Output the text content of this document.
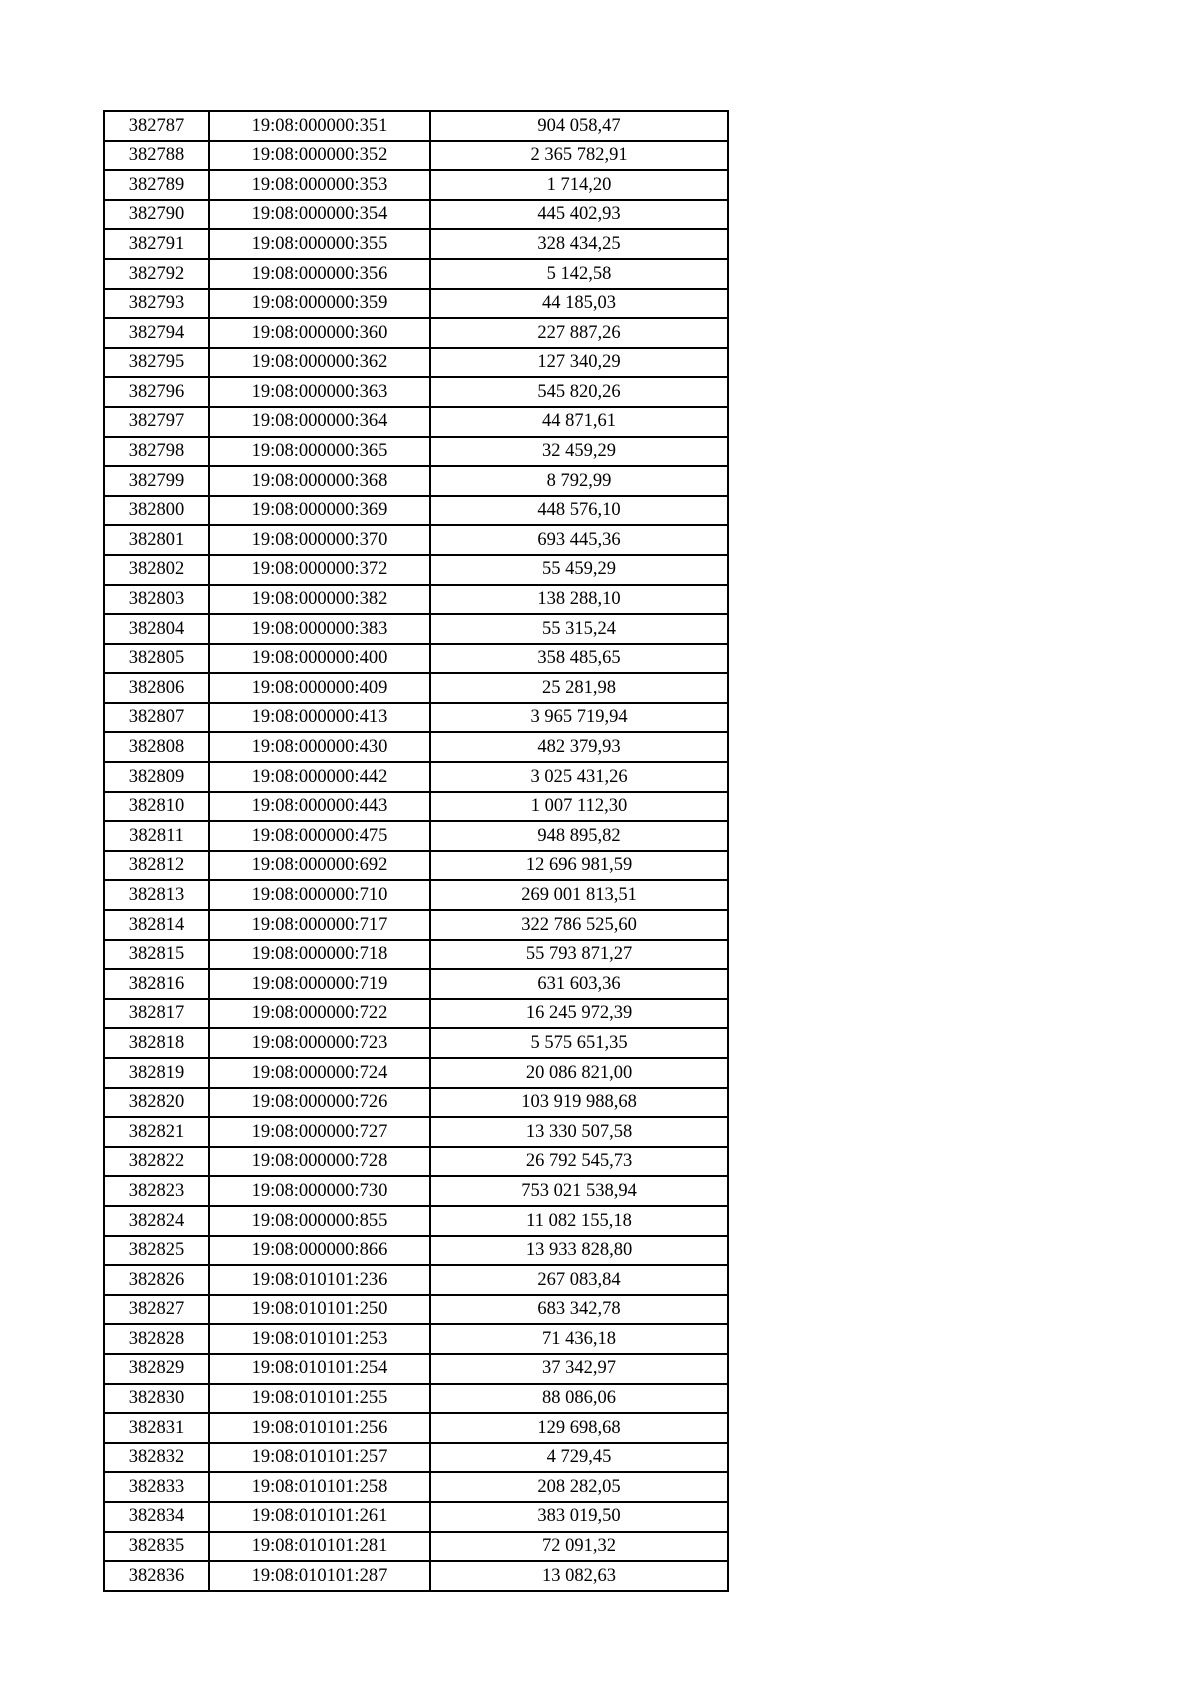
382787	19:08:000000:351	904 058,47
382788	19:08:000000:352	2 365 782,91
382789	19:08:000000:353	1 714,20
382790	19:08:000000:354	445 402,93
382791	19:08:000000:355	328 434,25
382792	19:08:000000:356	5 142,58
382793	19:08:000000:359	44 185,03
382794	19:08:000000:360	227 887,26
382795	19:08:000000:362	127 340,29
382796	19:08:000000:363	545 820,26
382797	19:08:000000:364	44 871,61
382798	19:08:000000:365	32 459,29
382799	19:08:000000:368	8 792,99
382800	19:08:000000:369	448 576,10
382801	19:08:000000:370	693 445,36
382802	19:08:000000:372	55 459,29
382803	19:08:000000:382	138 288,10
382804	19:08:000000:383	55 315,24
382805	19:08:000000:400	358 485,65
382806	19:08:000000:409	25 281,98
382807	19:08:000000:413	3 965 719,94
382808	19:08:000000:430	482 379,93
382809	19:08:000000:442	3 025 431,26
382810	19:08:000000:443	1 007 112,30
382811	19:08:000000:475	948 895,82
382812	19:08:000000:692	12 696 981,59
382813	19:08:000000:710	269 001 813,51
382814	19:08:000000:717	322 786 525,60
382815	19:08:000000:718	55 793 871,27
382816	19:08:000000:719	631 603,36
382817	19:08:000000:722	16 245 972,39
382818	19:08:000000:723	5 575 651,35
382819	19:08:000000:724	20 086 821,00
382820	19:08:000000:726	103 919 988,68
382821	19:08:000000:727	13 330 507,58
382822	19:08:000000:728	26 792 545,73
382823	19:08:000000:730	753 021 538,94
382824	19:08:000000:855	11 082 155,18
382825	19:08:000000:866	13 933 828,80
382826	19:08:010101:236	267 083,84
382827	19:08:010101:250	683 342,78
382828	19:08:010101:253	71 436,18
382829	19:08:010101:254	37 342,97
382830	19:08:010101:255	88 086,06
382831	19:08:010101:256	129 698,68
382832	19:08:010101:257	4 729,45
382833	19:08:010101:258	208 282,05
382834	19:08:010101:261	383 019,50
382835	19:08:010101:281	72 091,32
382836	19:08:010101:287	13 082,63
